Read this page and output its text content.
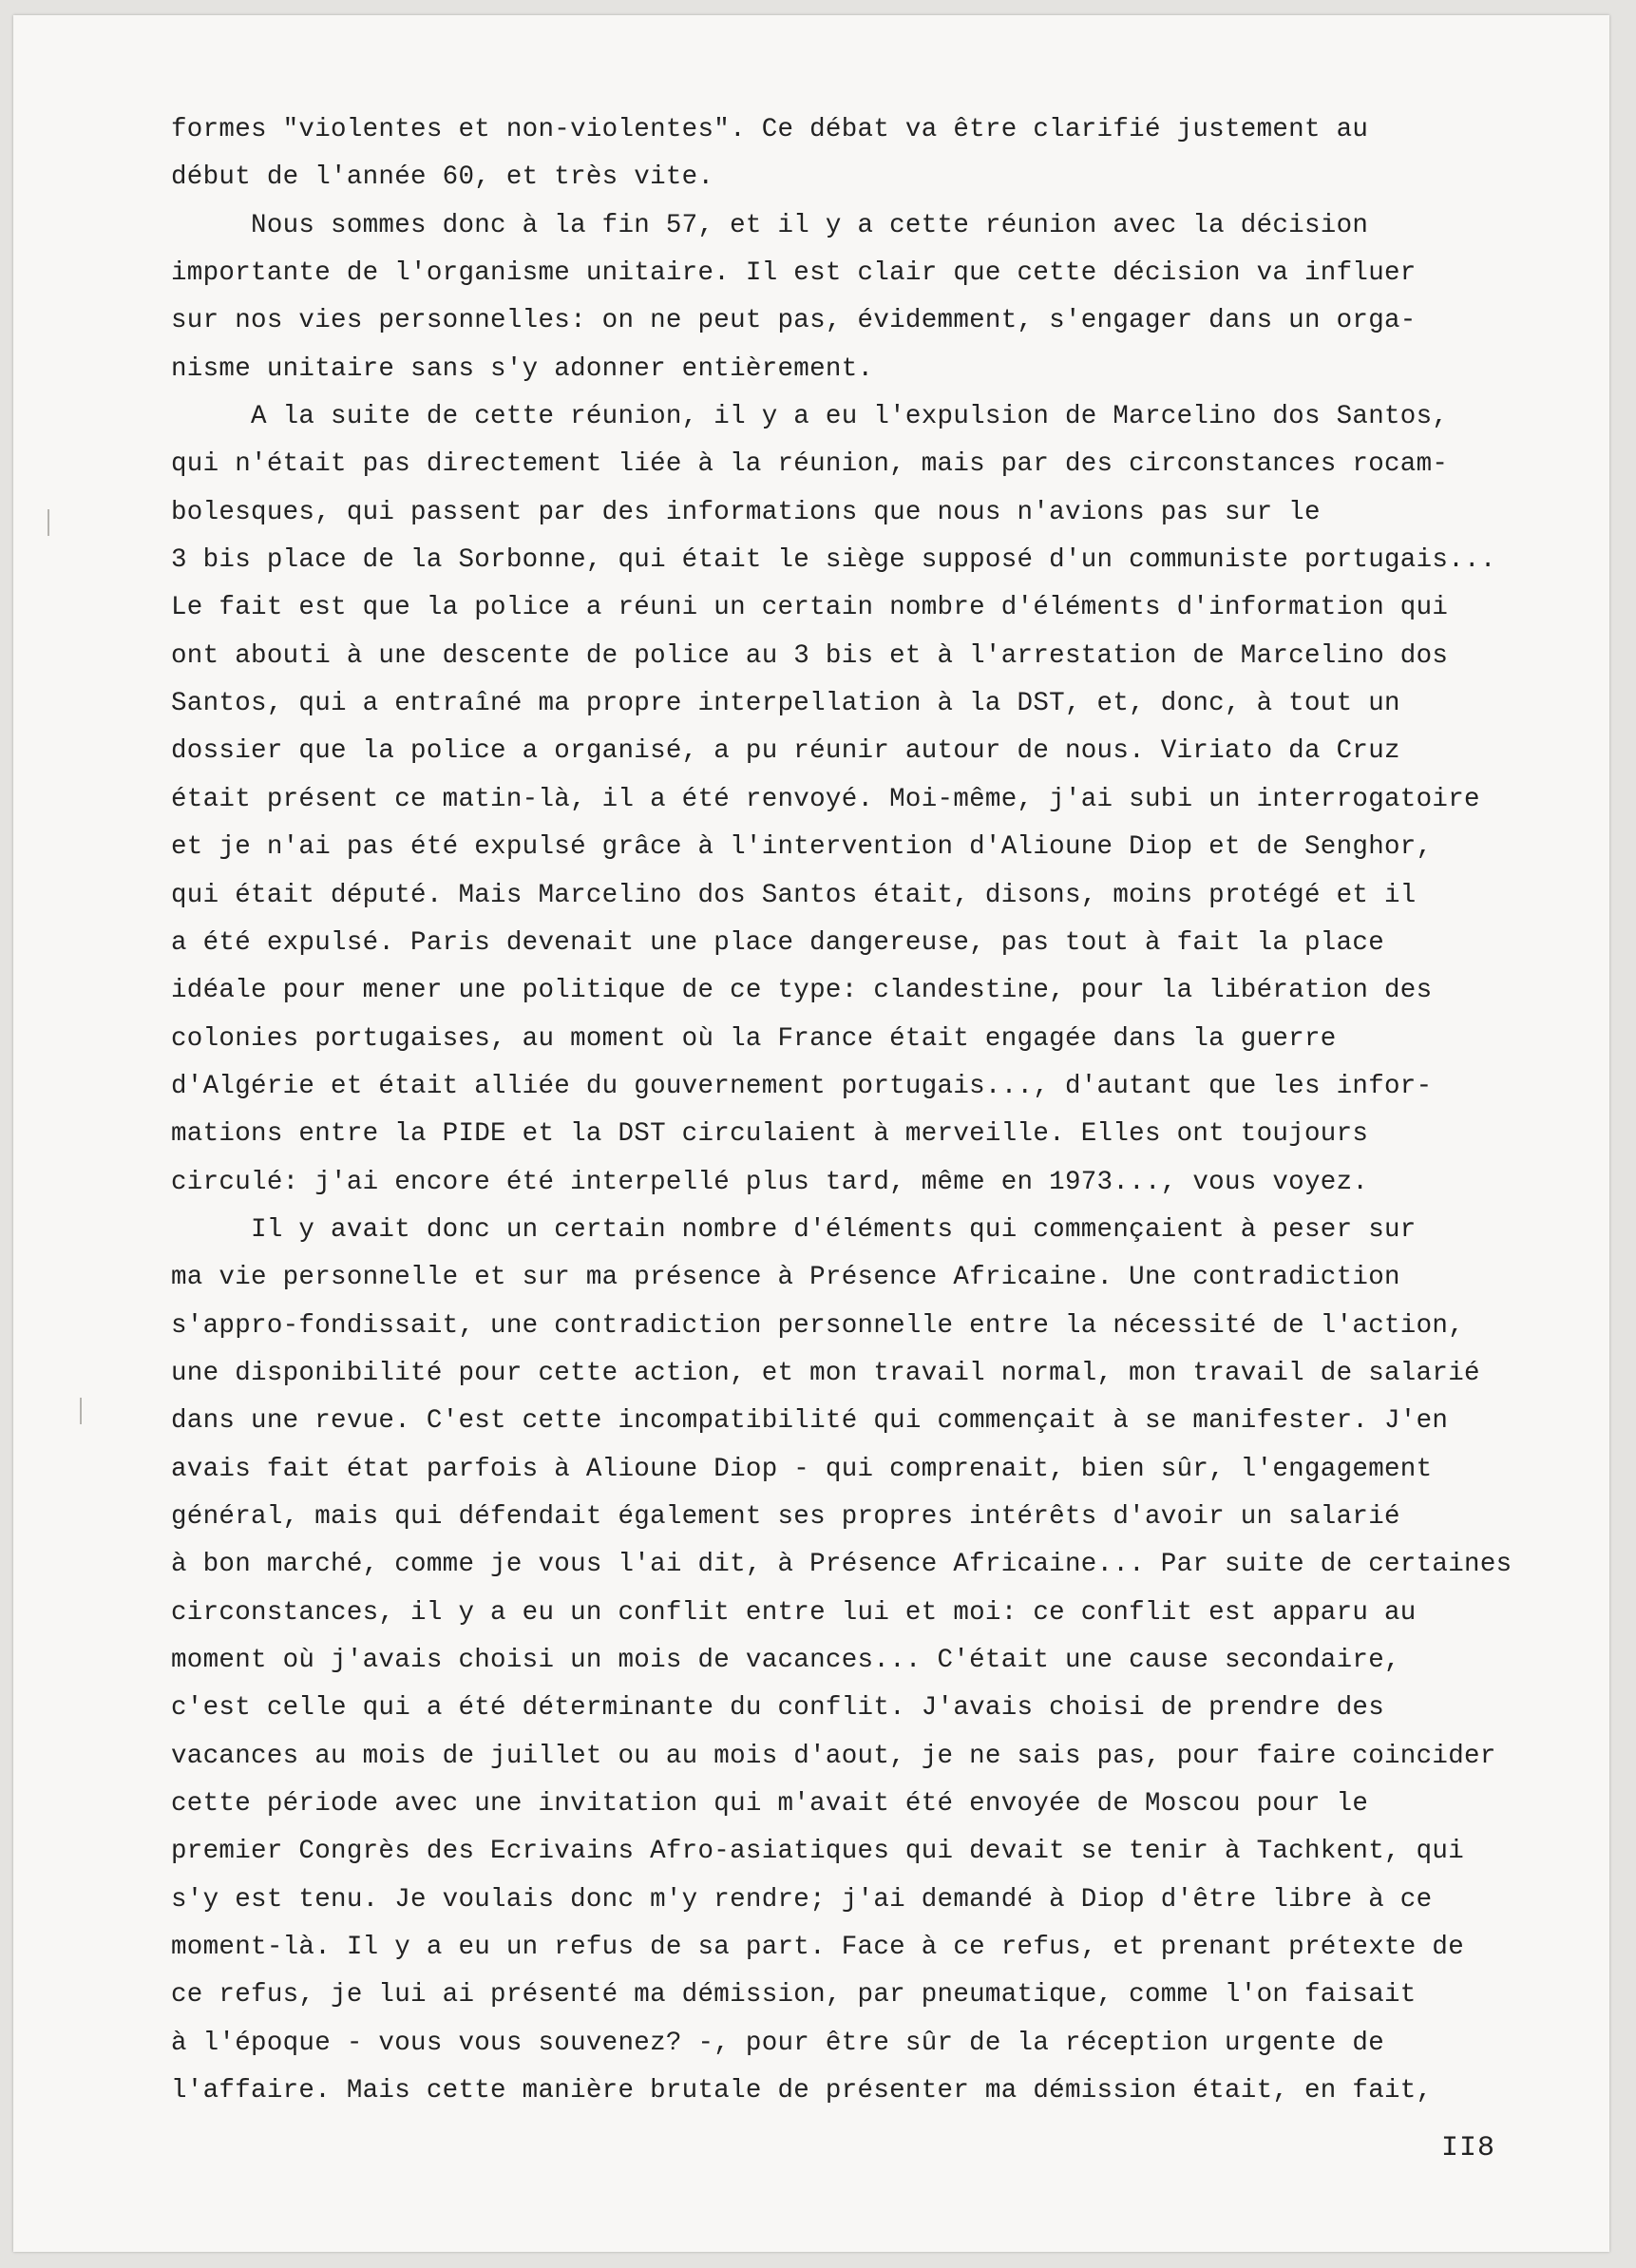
formes "violentes et non-violentes". Ce débat va être clarifié justement au
début de l'année 60, et très vite.
Nous sommes donc à la fin 57, et il y a cette réunion avec la décision
importante de l'organisme unitaire. Il est clair que cette décision va influer
sur nos vies personnelles: on ne peut pas, évidemment, s'engager dans un orga-
nisme unitaire sans s'y adonner entièrement.
A la suite de cette réunion, il y a eu l'expulsion de Marcelino dos Santos,
qui n'était pas directement liée à la réunion, mais par des circonstances rocam-
bolesques, qui passent par des informations que nous n'avions pas sur le
3 bis place de la Sorbonne, qui était le siège supposé d'un communiste portugais...
Le fait est que la police a réuni un certain nombre d'éléments d'information qui
ont abouti à une descente de police au 3 bis et à l'arrestation de Marcelino dos
Santos, qui a entraîné ma propre interpellation à la DST, et, donc, à tout un
dossier que la police a organisé, a pu réunir autour de nous. Viriato da Cruz
était présent ce matin-là, il a été renvoyé. Moi-même, j'ai subi un interrogatoire
et je n'ai pas été expulsé grâce à l'intervention d'Alioune Diop et de Senghor,
qui était député. Mais Marcelino dos Santos était, disons, moins protégé et il
a été expulsé. Paris devenait une place dangereuse, pas tout à fait la place
idéale pour mener une politique de ce type: clandestine, pour la libération des
colonies portugaises, au moment où la France était engagée dans la guerre
d'Algérie et était alliée du gouvernement portugais..., d'autant que les infor-
mations entre la PIDE et la DST circulaient à merveille. Elles ont toujours
circulé: j'ai encore été interpellé plus tard, même en 1973..., vous voyez.
Il y avait donc un certain nombre d'éléments qui commençaient à peser sur
ma vie personnelle et sur ma présence à Présence Africaine. Une contradiction
s'appro-fondissait, une contradiction personnelle entre la nécessité de l'action,
une disponibilité pour cette action, et mon travail normal, mon travail de salarié
dans une revue. C'est cette incompatibilité qui commençait à se manifester. J'en
avais fait état parfois à Alioune Diop - qui comprenait, bien sûr, l'engagement
général, mais qui défendait également ses propres intérêts d'avoir un salarié
à bon marché, comme je vous l'ai dit, à Présence Africaine... Par suite de certaines
circonstances, il y a eu un conflit entre lui et moi: ce conflit est apparu au
moment où j'avais choisi un mois de vacances... C'était une cause secondaire,
c'est celle qui a été déterminante du conflit. J'avais choisi de prendre des
vacances au mois de juillet ou au mois d'aout, je ne sais pas, pour faire coincider
cette période avec une invitation qui m'avait été envoyée de Moscou pour le
premier Congrès des Ecrivains Afro-asiatiques qui devait se tenir à Tachkent, qui
s'y est tenu. Je voulais donc m'y rendre; j'ai demandé à Diop d'être libre à ce
moment-là. Il y a eu un refus de sa part. Face à ce refus, et prenant prétexte de
ce refus, je lui ai présenté ma démission, par pneumatique, comme l'on faisait
à l'époque - vous vous souvenez? -, pour être sûr de la réception urgente de
l'affaire. Mais cette manière brutale de présenter ma démission était, en fait,
II8
